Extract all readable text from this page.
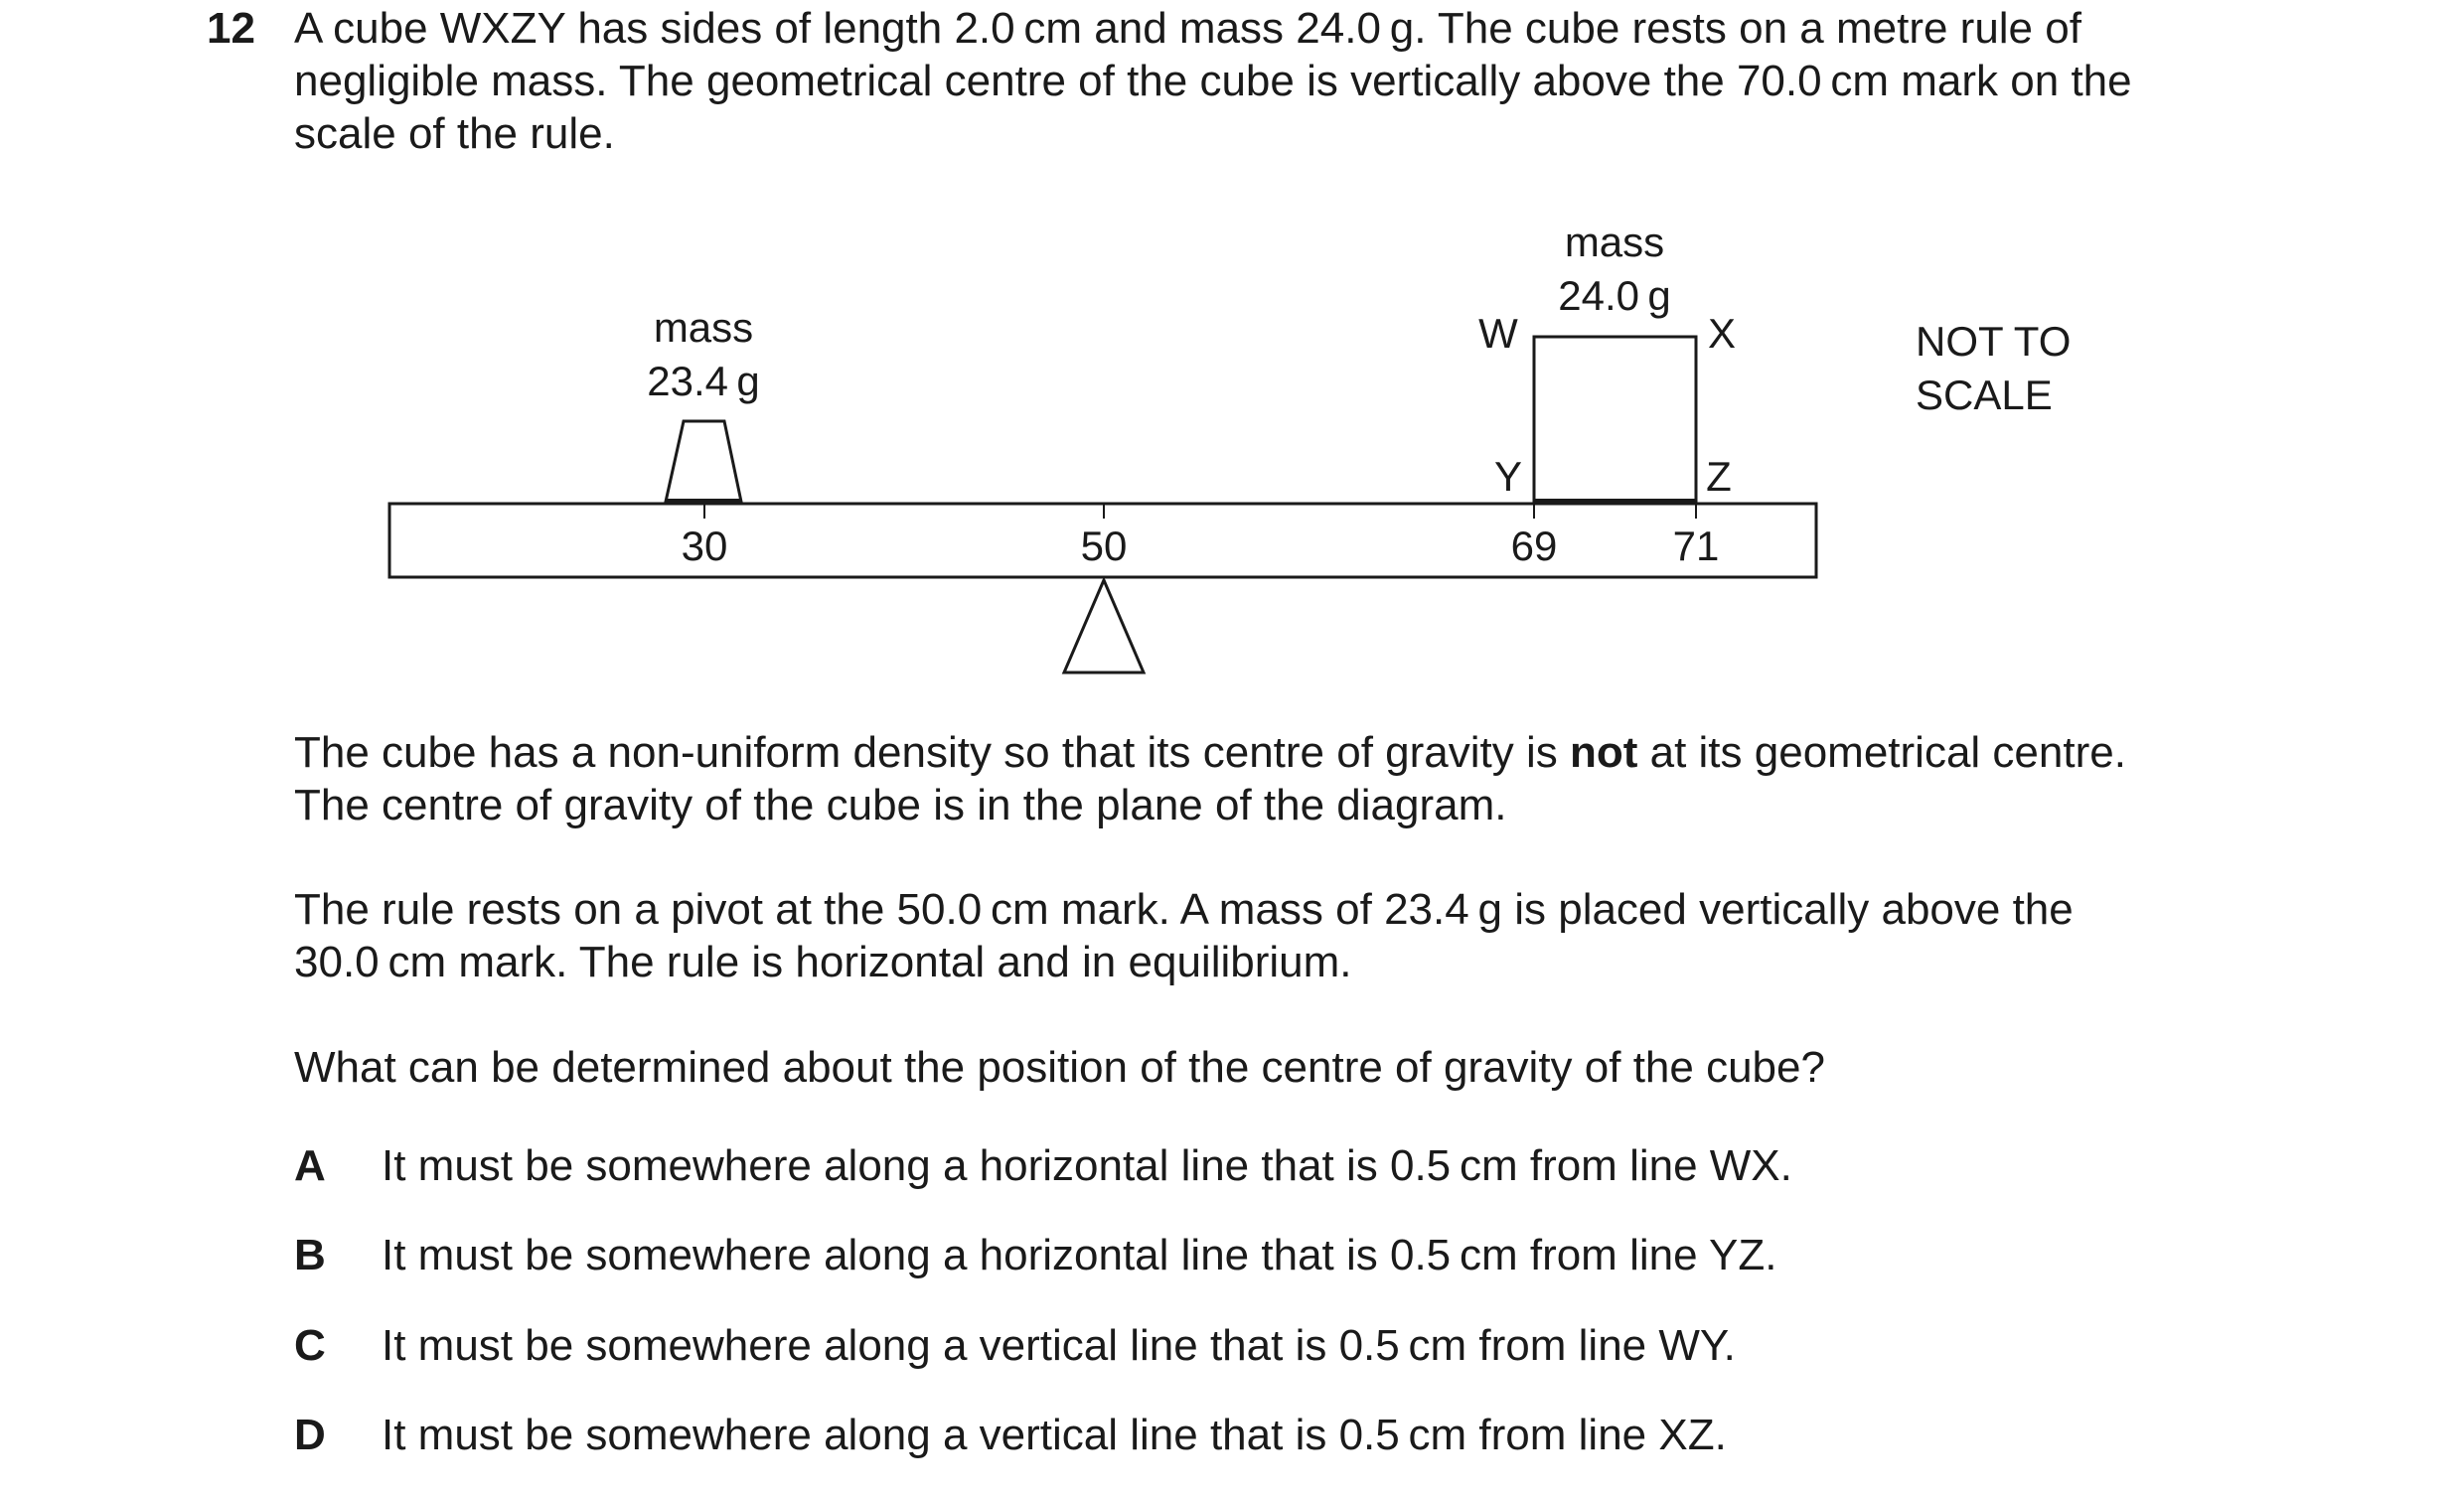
12 A cube WXZY has sides of length 2.0 cm and mass 24.0 g. The cube rests on a metre rule of
negligible mass. The geometrical centre of the cube is vertically above the 70.0 cm mark on the
scale of the rule.
30	50	69	71
mass
23.4 g
mass
24.0 g
W	X
Y	Z
NOT TO
SCALE
The cube has a non-uniform density so that its centre of gravity is not at its geometrical centre.
The centre of gravity of the cube is in the plane of the diagram.
The rule rests on a pivot at the 50.0 cm mark. A mass of 23.4 g is placed vertically above the
30.0 cm mark. The rule is horizontal and in equilibrium.
What can be determined about the position of the centre of gravity of the cube?
A It must be somewhere along a horizontal line that is 0.5 cm from line WX.
B It must be somewhere along a horizontal line that is 0.5 cm from line YZ.
C It must be somewhere along a vertical line that is 0.5 cm from line WY.
D It must be somewhere along a vertical line that is 0.5 cm from line XZ.
